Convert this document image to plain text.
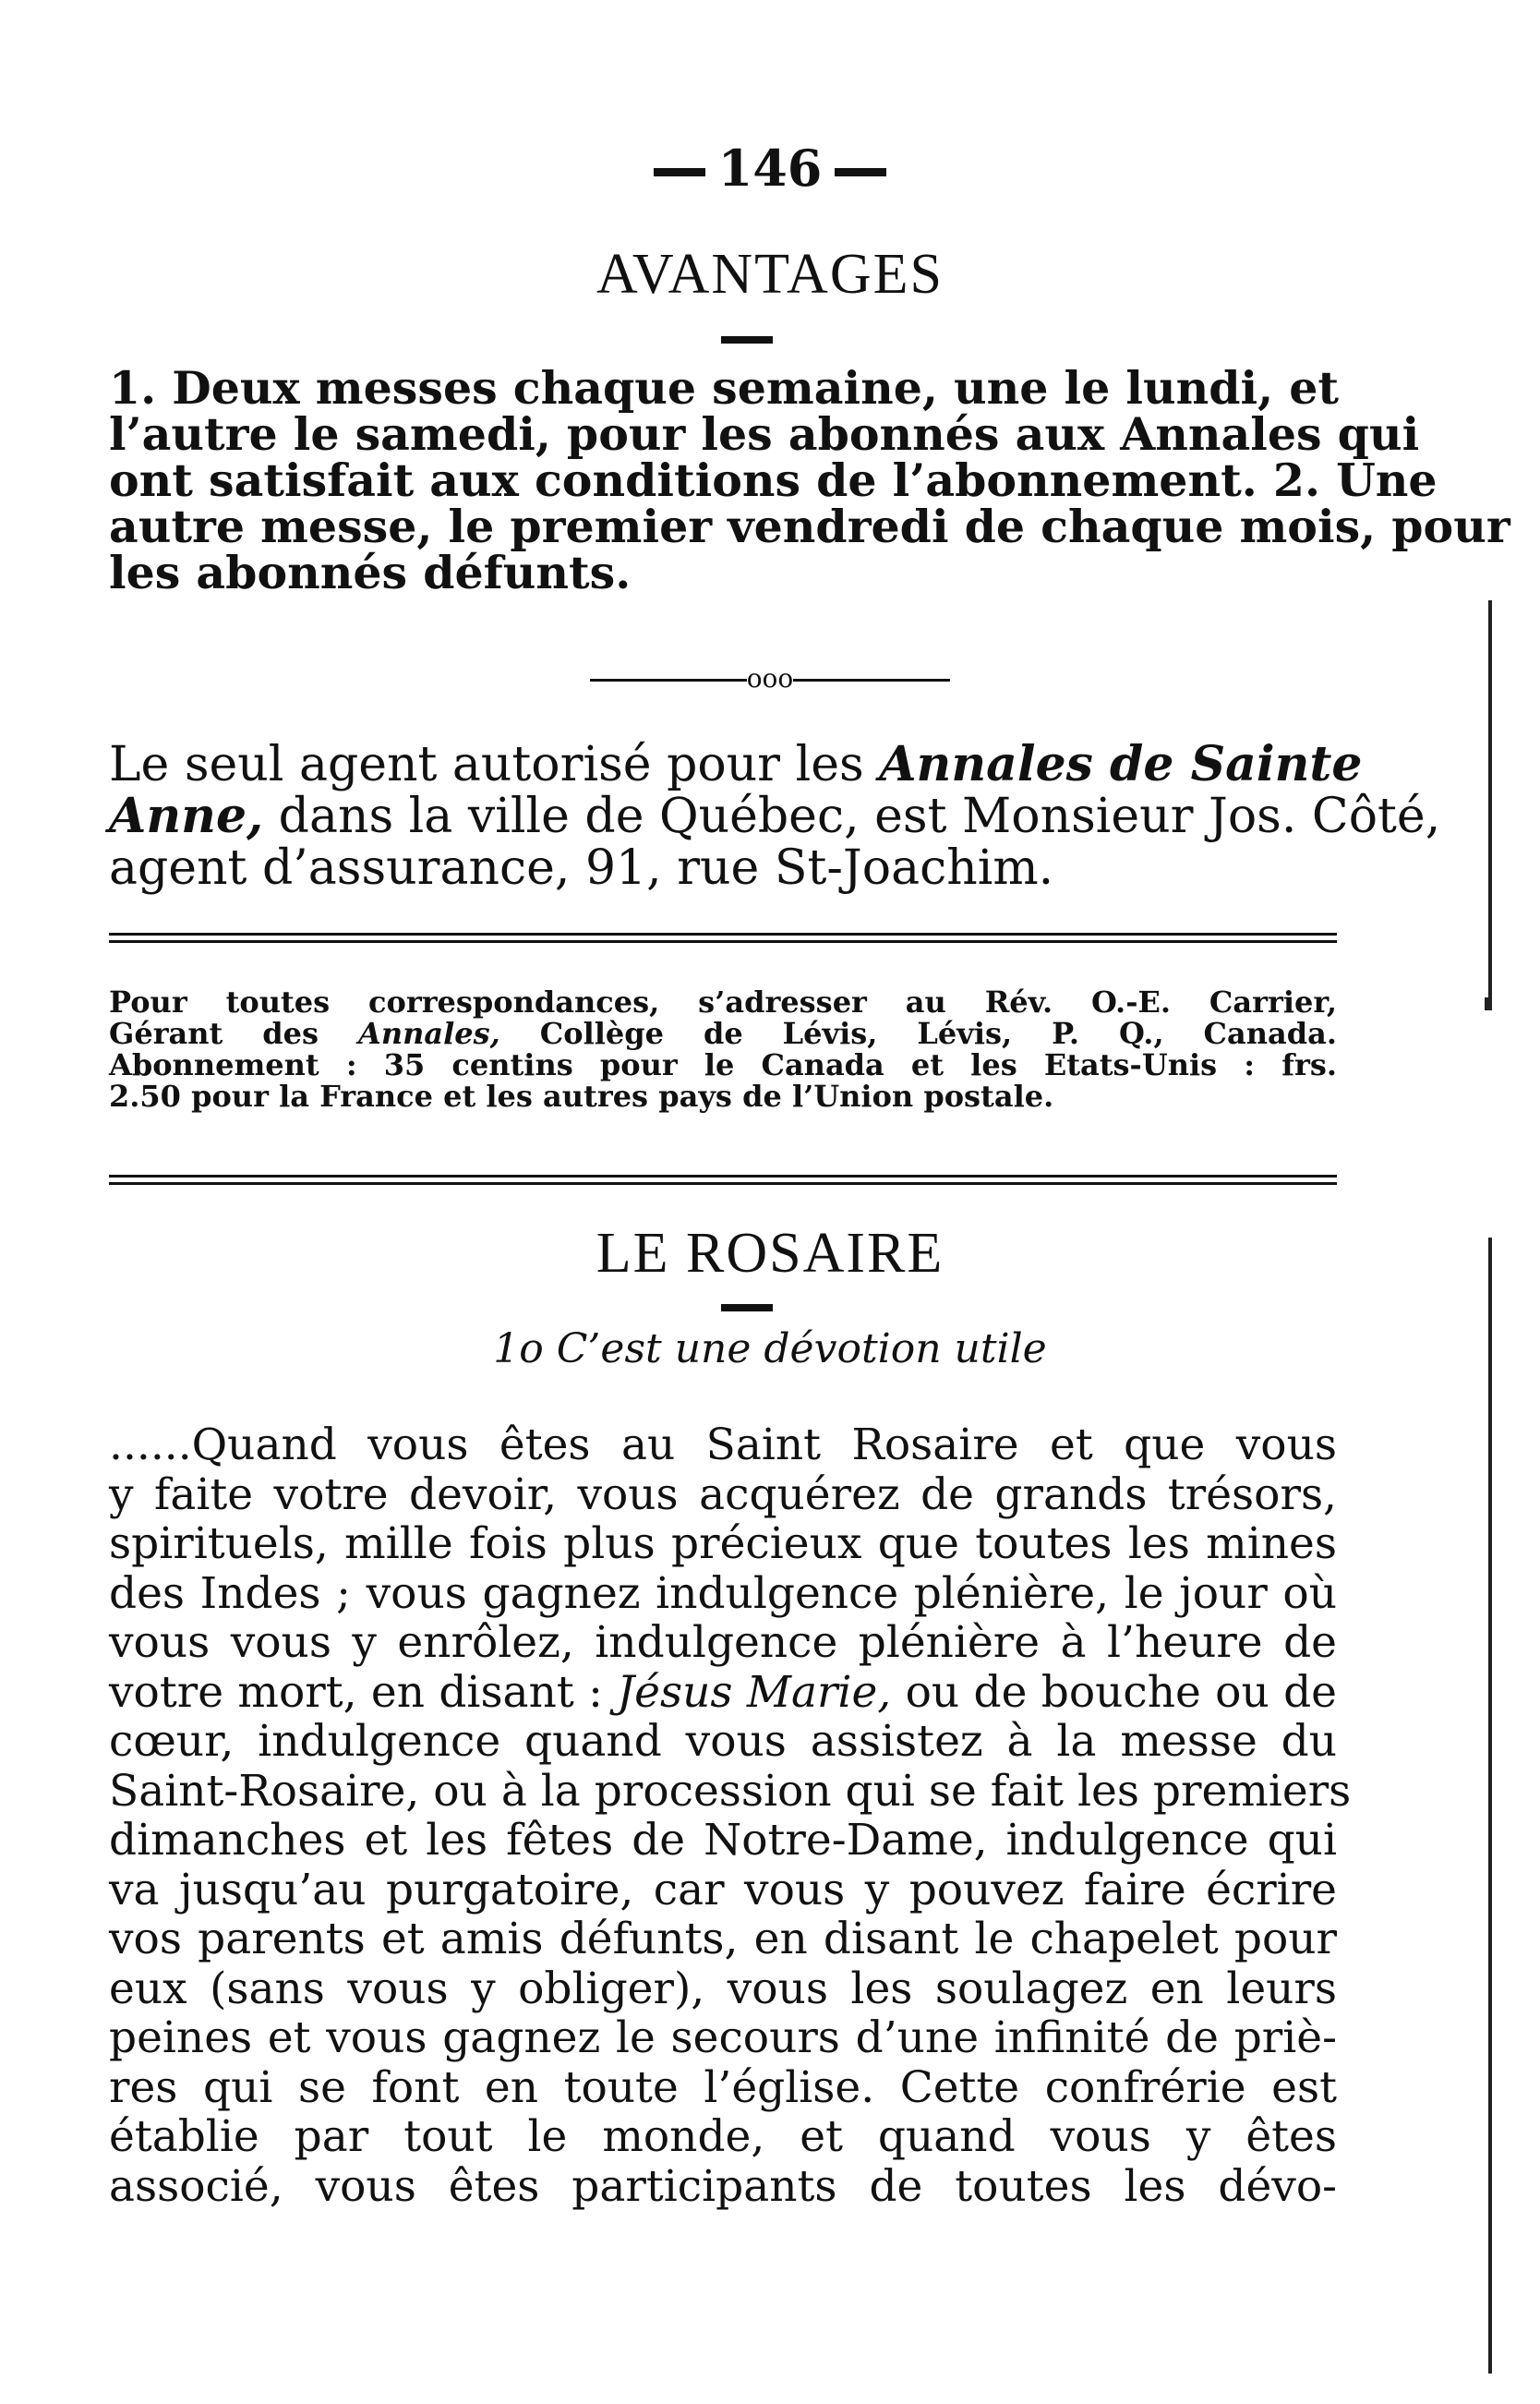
146
AVANTAGES
1. Deux messes chaque semaine, une le lundi, et
l’autre le samedi, pour les abonnés aux Annales qui
ont satisfait aux conditions de l’abonnement. 2. Une
autre messe, le premier vendredi de chaque mois, pour
les abonnés défunts.
ooo
Le seul agent autorisé pour les Annales de Sainte
Anne, dans la ville de Québec, est Monsieur Jos. Côté,
agent d’assurance, 91, rue St-Joachim.
Pour toutes correspondances, s’adresser au Rév. O.-E. Carrier,
Gérant des Annales, Collège de Lévis, Lévis, P. Q., Canada.
Abonnement : 35 centins pour le Canada et les Etats-Unis : frs.
2.50 pour la France et les autres pays de l’Union postale.
LE ROSAIRE
1o C’est une dévotion utile
......Quand vous êtes au Saint Rosaire et que vous
y faite votre devoir, vous acquérez de grands trésors,
spirituels, mille fois plus précieux que toutes les mines
des Indes ; vous gagnez indulgence plénière, le jour où
vous vous y enrôlez, indulgence plénière à l’heure de
votre mort, en disant : Jésus Marie, ou de bouche ou de
cœur, indulgence quand vous assistez à la messe du
Saint-Rosaire, ou à la procession qui se fait les premiers
dimanches et les fêtes de Notre-Dame, indulgence qui
va jusqu’au purgatoire, car vous y pouvez faire écrire
vos parents et amis défunts, en disant le chapelet pour
eux (sans vous y obliger), vous les soulagez en leurs
peines et vous gagnez le secours d’une infinité de priè-
res qui se font en toute l’église. Cette confrérie est
établie par tout le monde, et quand vous y êtes
associé, vous êtes participants de toutes les dévo-
